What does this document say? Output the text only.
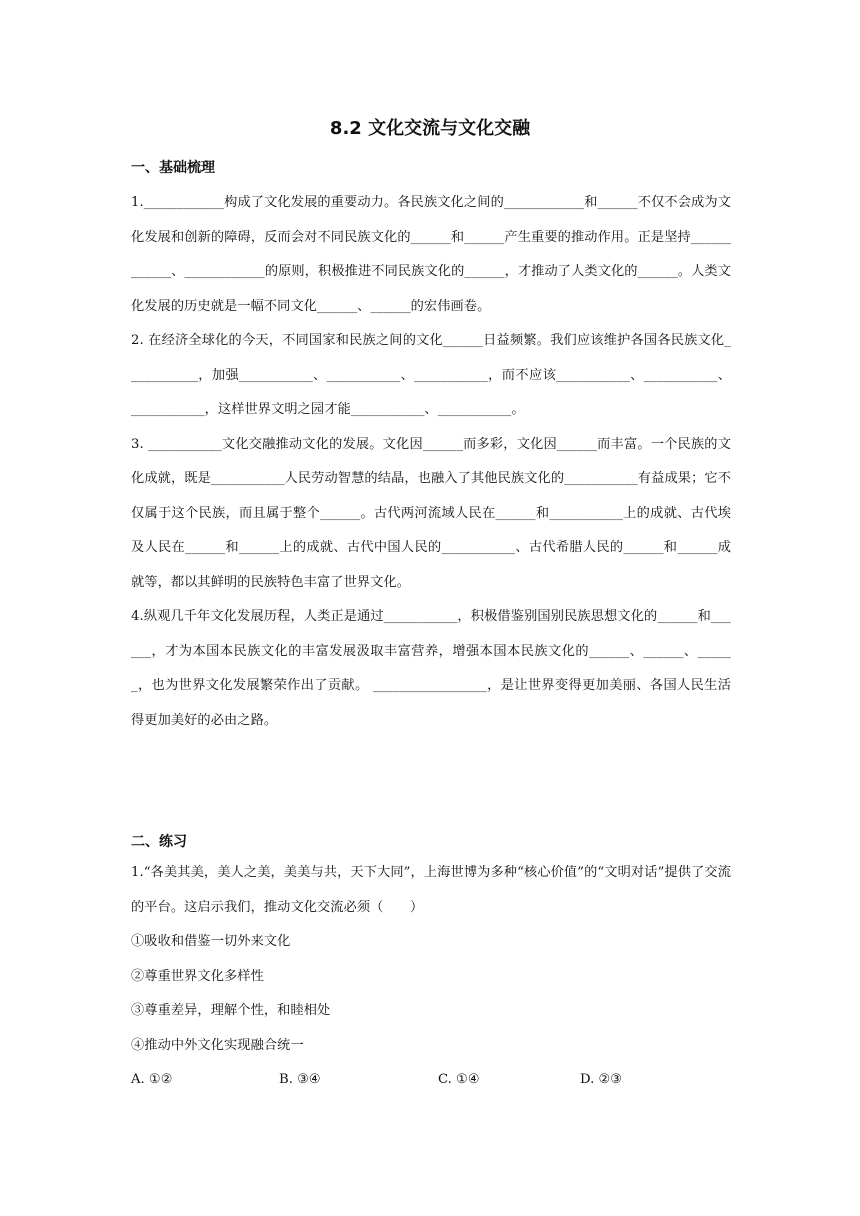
8.2 文化交流与文化交融
一、基础梳理

1.____________构成了文化发展的重要动力。各民族文化之间的____________和______不仅不会成为文化发展和创新的障碍，反而会对不同民族文化的______和______产生重要的推动作用。正是坚持____________、____________的原则，积极推进不同民族文化的______，才推动了人类文化的______。人类文化发展的历史就是一幅不同文化______、______的宏伟画卷。

2. 在经济全球化的今天，不同国家和民族之间的文化______日益频繁。我们应该维护各国各民族文化___________，加强___________、___________、___________，而不应该___________、___________、___________，这样世界文明之园才能___________、___________。

3. ___________文化交融推动文化的发展。文化因______而多彩，文化因______而丰富。一个民族的文化成就，既是___________人民劳动智慧的结晶，也融入了其他民族文化的___________有益成果；它不仅属于这个民族，而且属于整个______。古代两河流域人民在______和___________上的成就、古代埃及人民在______和______上的成就、古代中国人民的___________、古代希腊人民的______和______成就等，都以其鲜明的民族特色丰富了世界文化。

4.纵观几千年文化发展历程，人类正是通过___________，积极借鉴别国别民族思想文化的______和______，才为本国本民族文化的丰富发展汲取丰富营养，增强本国本民族文化的______、______、______，也为世界文化发展繁荣作出了贡献。 _________________，是让世界变得更加美丽、各国人民生活得更加美好的必由之路。

二、练习

1.“各美其美，美人之美，美美与共，天下大同”，上海世博为多种“核心价值”的“文明对话”提供了交流的平台。这启示我们，推动文化交流必须（　　）

①吸收和借鉴一切外来文化

②尊重世界文化多样性

③尊重差异，理解个性，和睦相处

④推动中外文化实现融合统一

A. ①②	B. ③④	C. ①④	D. ②③
